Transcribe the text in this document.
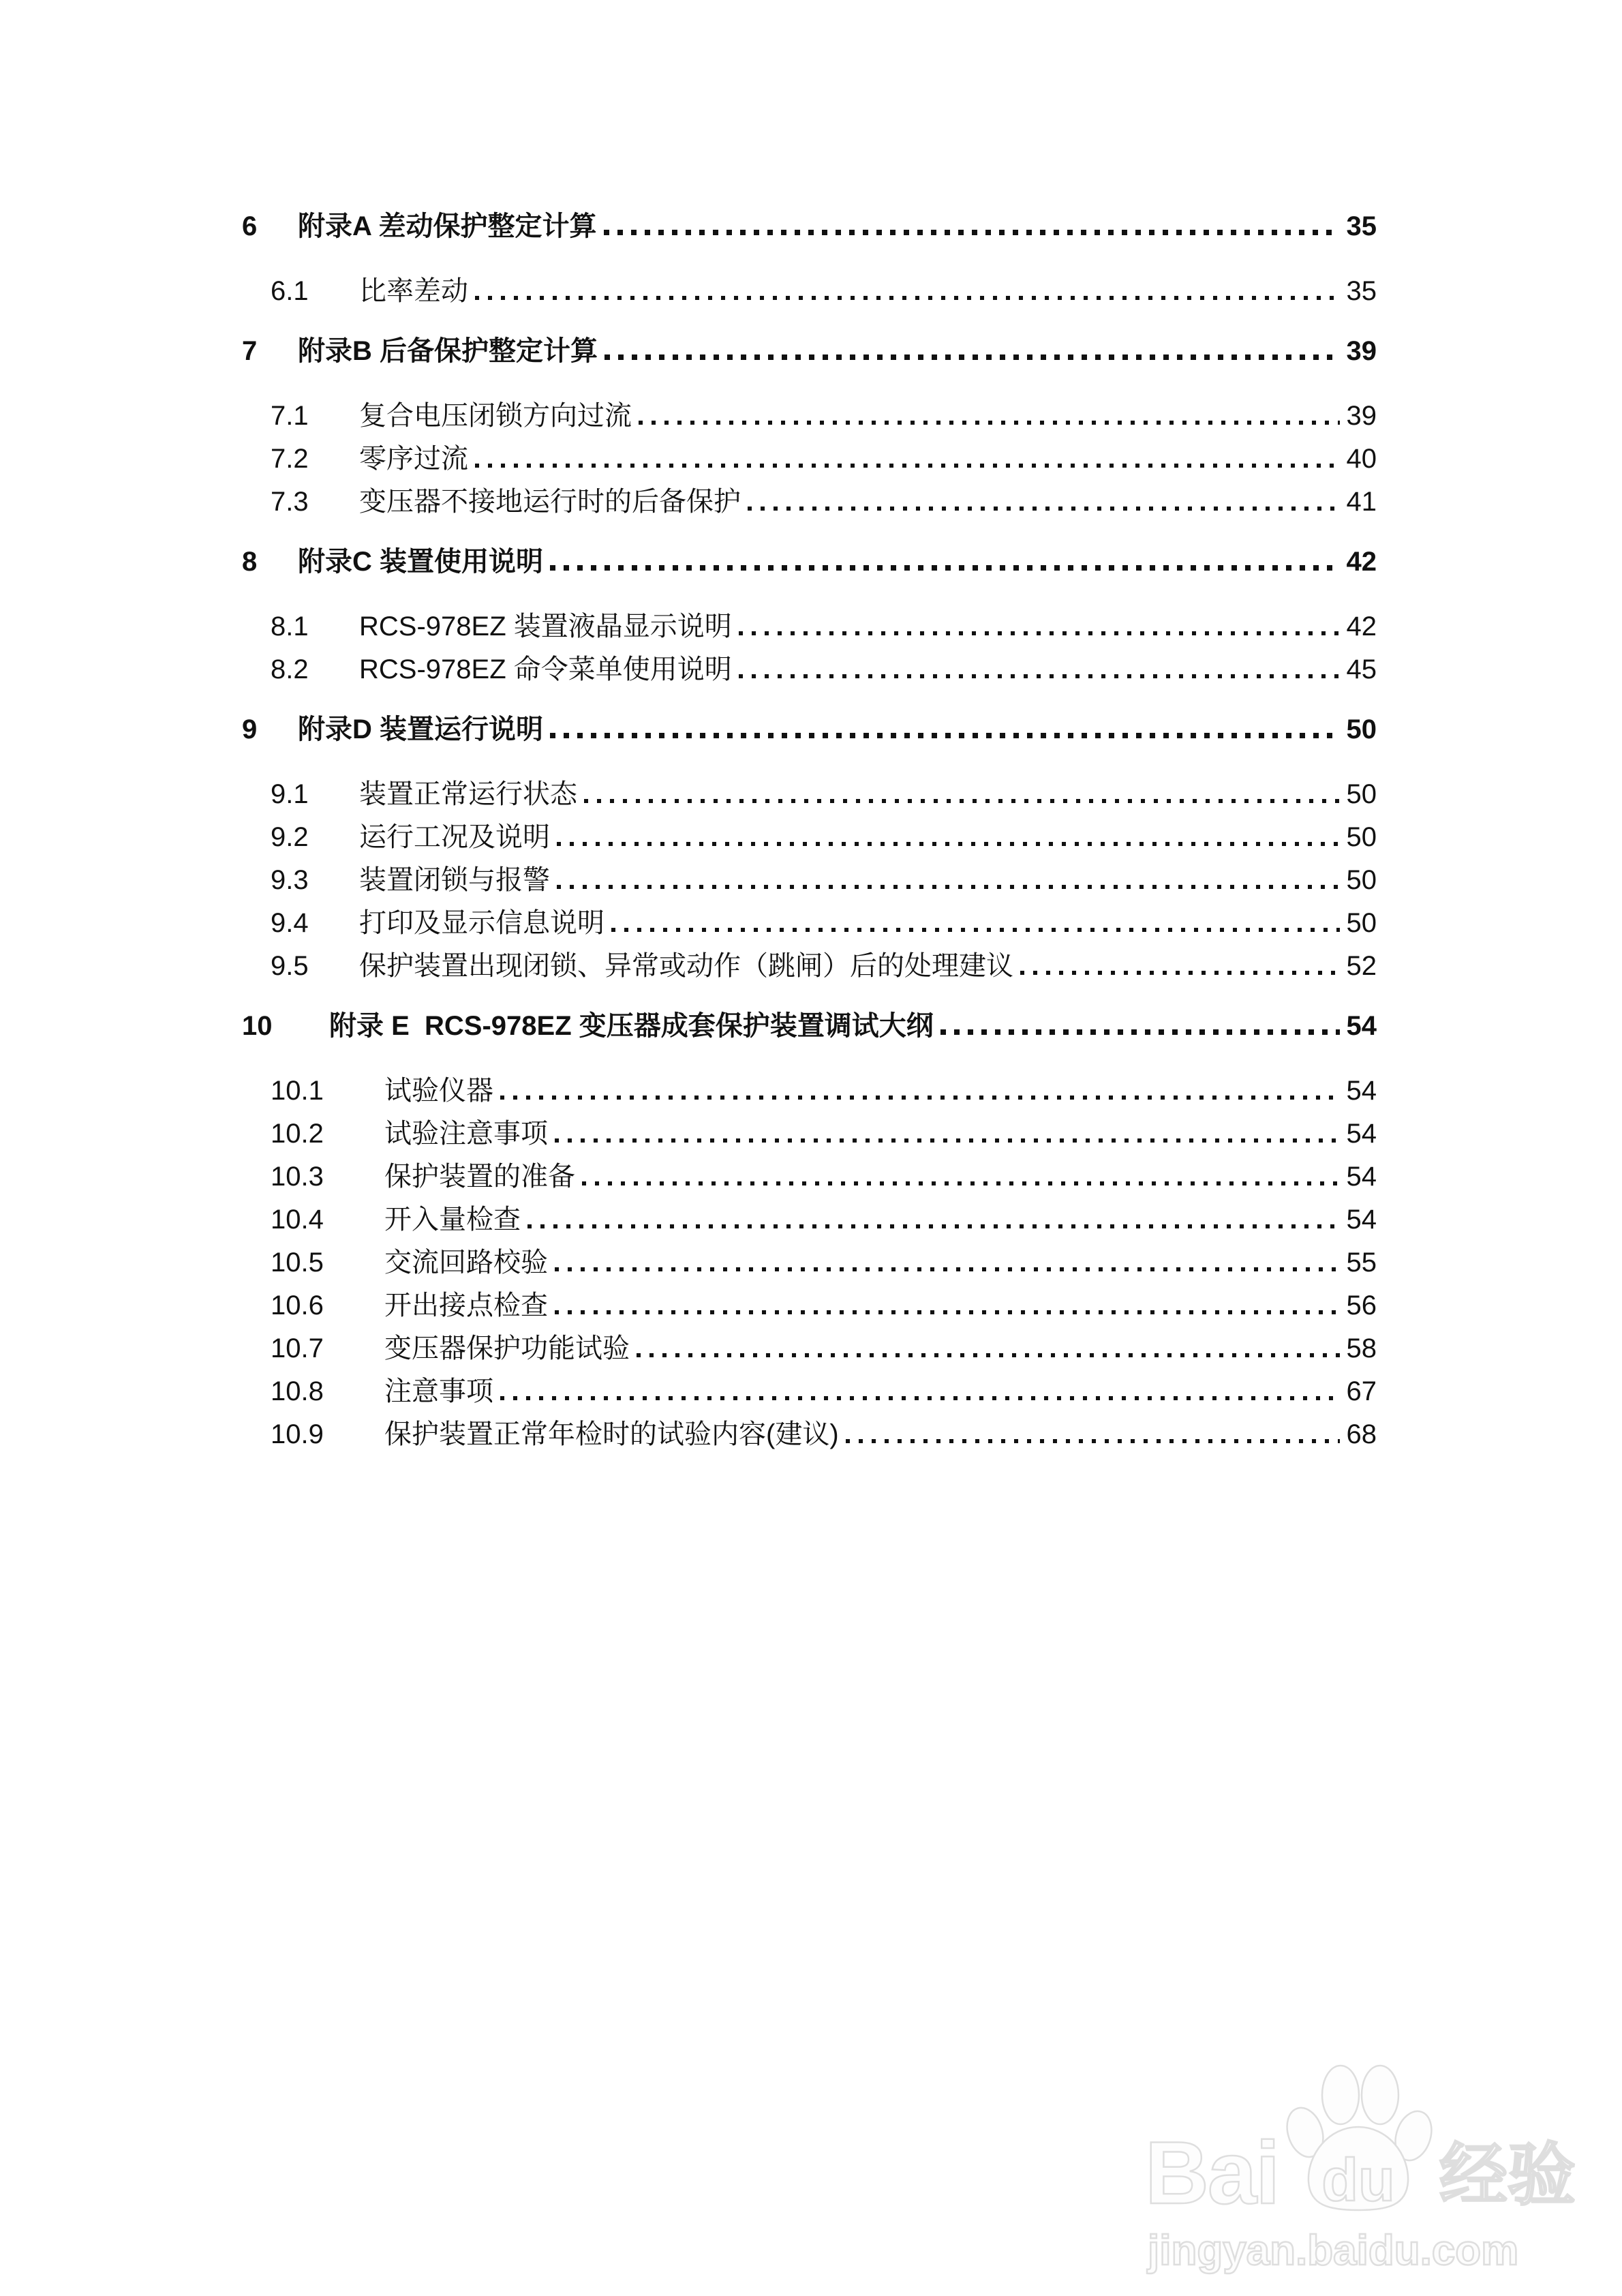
6	附录A 差动保护整定计算	35
6.1	比率差动	35
7	附录B 后备保护整定计算	39
7.1	复合电压闭锁方向过流	39
7.2	零序过流	40
7.3	变压器不接地运行时的后备保护	41
8	附录C 装置使用说明	42
8.1	RCS-978EZ 装置液晶显示说明	42
8.2	RCS-978EZ 命令菜单使用说明	45
9	附录D 装置运行说明	50
9.1	装置正常运行状态	50
9.2	运行工况及说明	50
9.3	装置闭锁与报警	50
9.4	打印及显示信息说明	50
9.5	保护装置出现闭锁、异常或动作（跳闸）后的处理建议	52
10	附录 E  RCS-978EZ 变压器成套保护装置调试大纲	54
10.1	试验仪器	54
10.2	试验注意事项	54
10.3	保护装置的准备	54
10.4	开入量检查	54
10.5	交流回路校验	55
10.6	开出接点检查	56
10.7	变压器保护功能试验	58
10.8	注意事项	67
10.9	保护装置正常年检时的试验内容(建议)	68
Bai du 经验
jingyan.baidu.com
